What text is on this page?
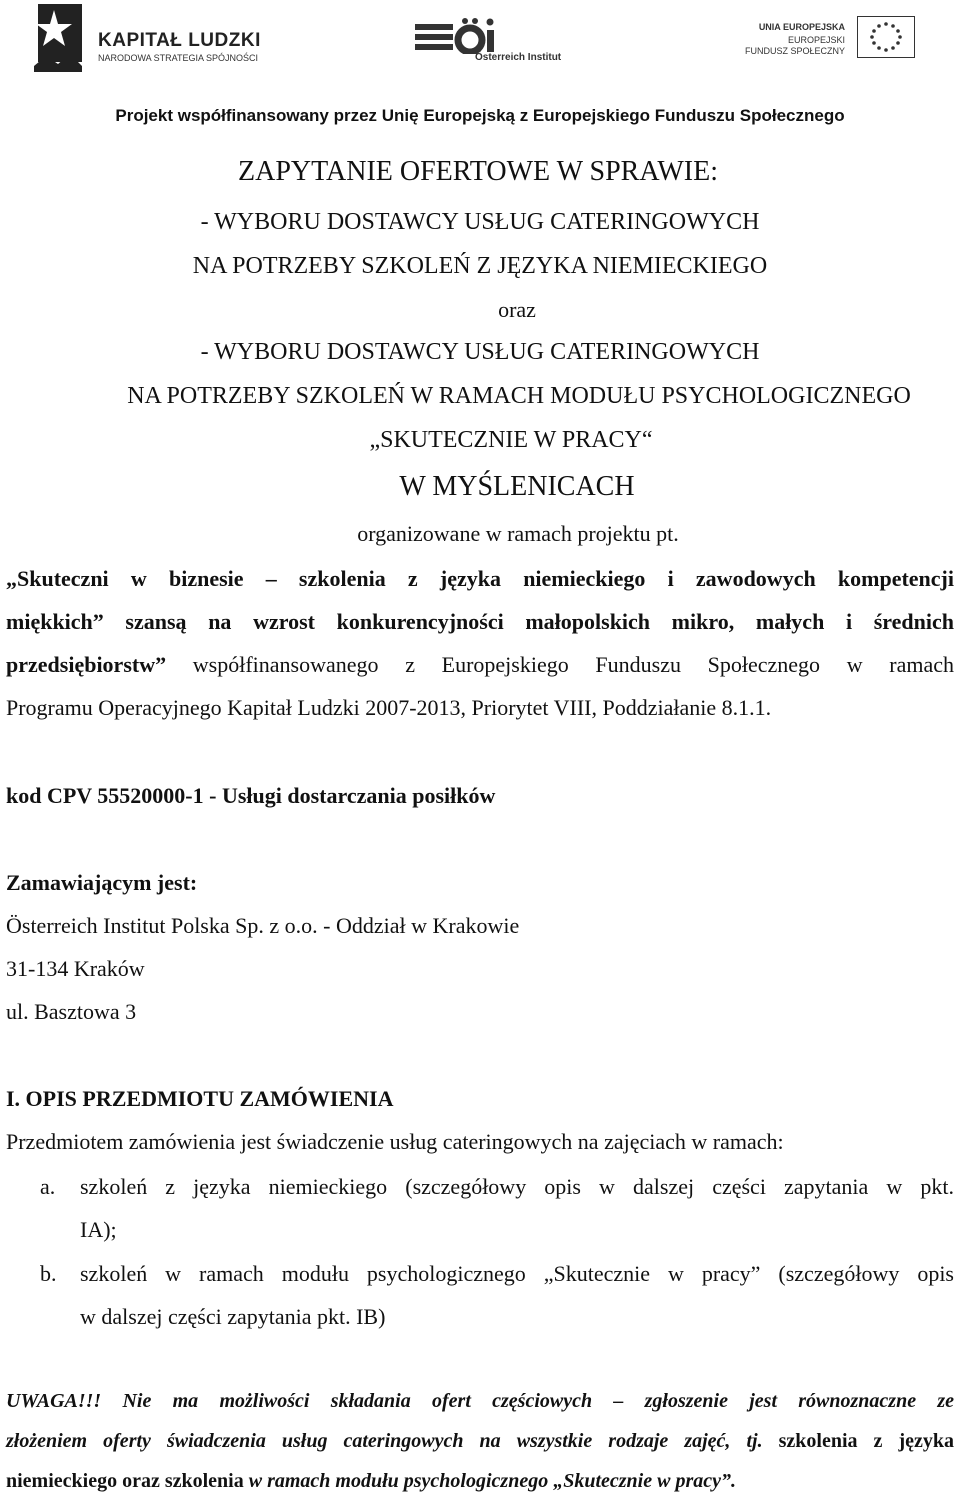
KAPITAŁ LUDZKI
NARODOWA STRATEGIA SPÓJNOŚCI	Österreich Institut
UNIA EUROPEJSKA
EUROPEJSKI
FUNDUSZ SPOŁECZNY
Projekt współfinansowany przez Unię Europejską z Europejskiego Funduszu Społecznego
ZAPYTANIE OFERTOWE W SPRAWIE:
- WYBORU DOSTAWCY USŁUG CATERINGOWYCH
NA POTRZEBY SZKOLEŃ Z JĘZYKA NIEMIECKIEGO
oraz
- WYBORU DOSTAWCY USŁUG CATERINGOWYCH
NA POTRZEBY SZKOLEŃ W RAMACH MODUŁU PSYCHOLOGICZNEGO
„SKUTECZNIE W PRACY“
W MYŚLENICACH
organizowane w ramach projektu pt.
„Skuteczni w biznesie – szkolenia z języka niemieckiego i zawodowych kompetencji
miękkich” szansą na wzrost konkurencyjności małopolskich mikro, małych i średnich
przedsiębiorstw” współfinansowanego z Europejskiego Funduszu Społecznego w ramach
Programu Operacyjnego Kapitał Ludzki 2007-2013, Priorytet VIII, Poddziałanie 8.1.1.
kod CPV 55520000-1 - Usługi dostarczania posiłków
Zamawiającym jest:
Österreich Institut Polska Sp. z o.o. - Oddział w Krakowie
31-134 Kraków
ul. Basztowa 3
I. OPIS PRZEDMIOTU ZAMÓWIENIA
Przedmiotem zamówienia jest świadczenie usług cateringowych na zajęciach w ramach:
a. szkoleń z języka niemieckiego (szczegółowy opis w dalszej części zapytania w pkt.
IA);
b. szkoleń w ramach modułu psychologicznego „Skutecznie w pracy” (szczegółowy opis
w dalszej części zapytania pkt. IB)
UWAGA!!! Nie ma możliwości składania ofert częściowych – zgłoszenie jest równoznaczne ze
złożeniem oferty świadczenia usług cateringowych na wszystkie rodzaje zajęć, tj. szkolenia z języka
niemieckiego oraz szkolenia w ramach modułu psychologicznego „Skutecznie w pracy”.
